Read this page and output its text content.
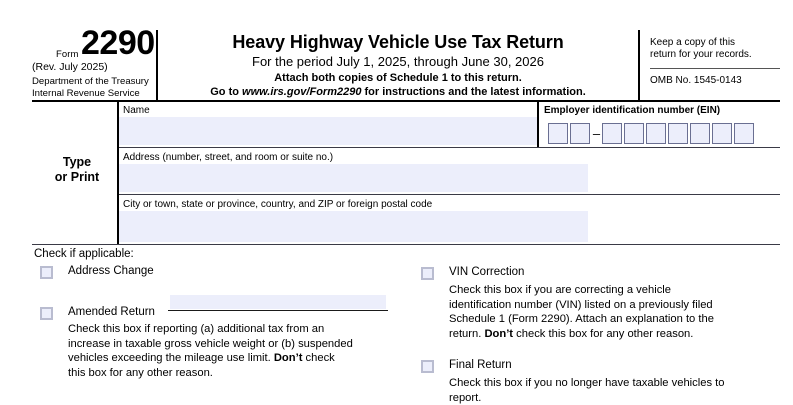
Form 2290
(Rev. July 2025)
Department of the Treasury
Internal Revenue Service
Heavy Highway Vehicle Use Tax Return
For the period July 1, 2025, through June 30, 2026
Attach both copies of Schedule 1 to this return.
Go to www.irs.gov/Form2290 for instructions and the latest information.
Keep a copy of this
return for your records.
OMB No. 1545-0143
Type
or Print
Name	Employer identification number (EIN)
–
Address (number, street, and room or suite no.)
City or town, state or province, country, and ZIP or foreign postal code
Check if applicable:
Address Change
Amended Return
Check this box if reporting (a) additional tax from an
increase in taxable gross vehicle weight or (b) suspended
vehicles exceeding the mileage use limit. Don’t check
this box for any other reason.
VIN Correction
Check this box if you are correcting a vehicle
identification number (VIN) listed on a previously filed
Schedule 1 (Form 2290). Attach an explanation to the
return. Don’t check this box for any other reason.
Final Return
Check this box if you no longer have taxable vehicles to
report.
